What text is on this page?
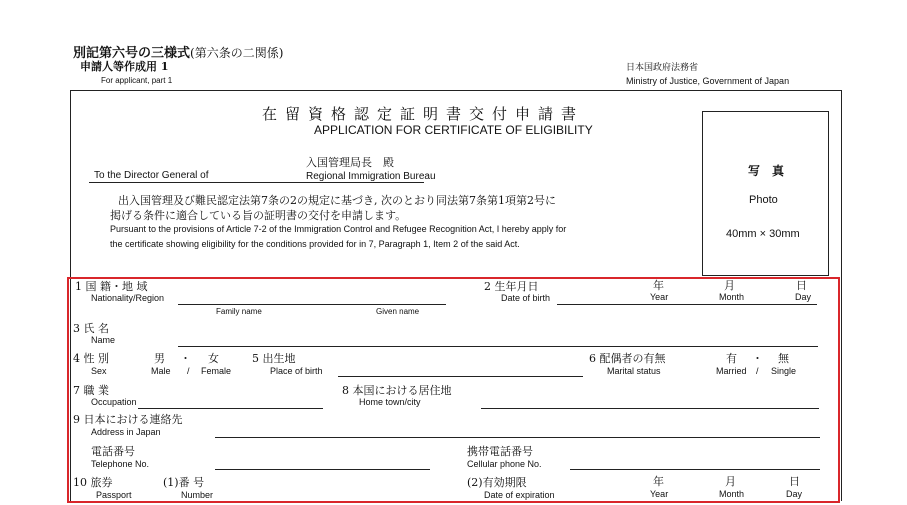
別記第六号の三様式(第六条の二関係)
申請人等作成用 1
For applicant, part 1
日本国政府法務省
Ministry of Justice, Government of Japan
在留資格認定証明書交付申請書
APPLICATION FOR CERTIFICATE OF ELIGIBILITY
入国管理局長　殿
To the Director General of	Regional Immigration Bureau
出入国管理及び難民認定法第7条の2の規定に基づき, 次のとおり同法第7条第1項第2号に
掲げる条件に適合している旨の証明書の交付を申請します。
Pursuant to the provisions of Article 7-2 of the Immigration Control and Refugee Recognition Act, I hereby apply for
the certificate showing eligibility for the conditions provided for in 7, Paragraph 1, Item 2 of the said Act.
写　真
Photo
40mm × 30mm
1 国 籍・地 域
Nationality/Region
2 生年月日
Date of birth
年
Year
月
Month
日
Day
Family name	Given name
3 氏 名
Name
4 性 別	男 ・ 女
Sex	Male / Female
5 出生地
Place of birth
6 配偶者の有無
Marital status
有 ・ 無
Married / Single
7 職 業
Occupation
8 本国における居住地
Home town/city
9 日本における連絡先
Address in Japan
電話番号
Telephone No.
携帯電話番号
Cellular phone No.
10 旅券
Passport
(1)番 号
Number
(2)有効期限
Date of expiration
年
Year
月
Month
日
Day
